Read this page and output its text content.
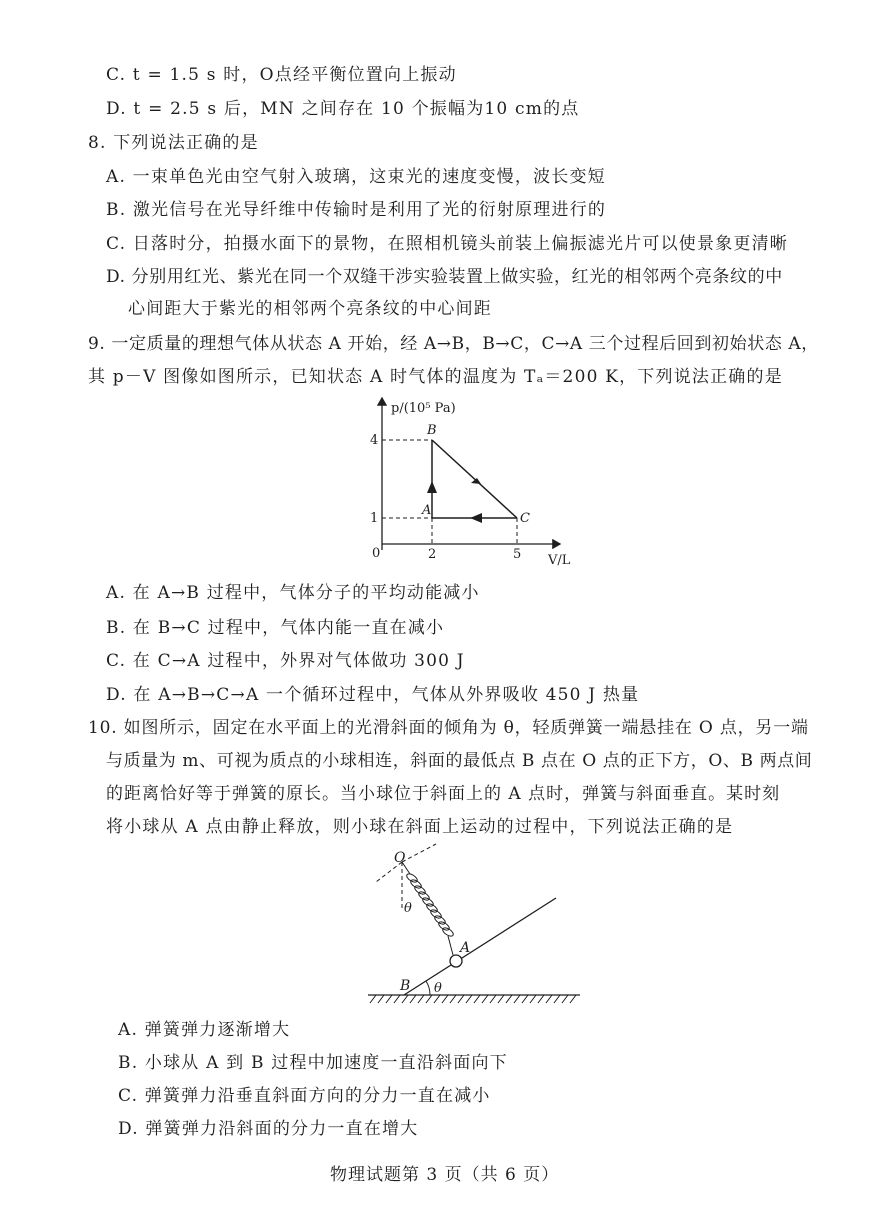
C. t = 1.5 s 时，O点经平衡位置向上振动
D. t = 2.5 s 后，MN 之间存在 10 个振幅为10 cm的点
8. 下列说法正确的是
A. 一束单色光由空气射入玻璃，这束光的速度变慢，波长变短
B. 激光信号在光导纤维中传输时是利用了光的衍射原理进行的
C. 日落时分，拍摄水面下的景物，在照相机镜头前装上偏振滤光片可以使景象更清晰
D. 分别用红光、紫光在同一个双缝干涉实验装置上做实验，红光的相邻两个亮条纹的中
心间距大于紫光的相邻两个亮条纹的中心间距
9. 一定质量的理想气体从状态 A 开始，经 A→B，B→C，C→A 三个过程后回到初始状态 A，
其 p－V 图像如图所示，已知状态 A 时气体的温度为 Tₐ＝200 K，下列说法正确的是
p/(10⁵ Pa)
V/L
0
4
1
2	5
B
A
C
A. 在 A→B 过程中，气体分子的平均动能减小
B. 在 B→C 过程中，气体内能一直在减小
C. 在 C→A 过程中，外界对气体做功 300 J
D. 在 A→B→C→A 一个循环过程中，气体从外界吸收 450 J 热量
10. 如图所示，固定在水平面上的光滑斜面的倾角为 θ，轻质弹簧一端悬挂在 O 点，另一端
与质量为 m、可视为质点的小球相连，斜面的最低点 B 点在 O 点的正下方，O、B 两点间
的距离恰好等于弹簧的原长。当小球位于斜面上的 A 点时，弹簧与斜面垂直。某时刻
将小球从 A 点由静止释放，则小球在斜面上运动的过程中，下列说法正确的是
O
A
B
θ
θ
A. 弹簧弹力逐渐增大
B. 小球从 A 到 B 过程中加速度一直沿斜面向下
C. 弹簧弹力沿垂直斜面方向的分力一直在减小
D. 弹簧弹力沿斜面的分力一直在增大
物理试题第 3 页（共 6 页）
